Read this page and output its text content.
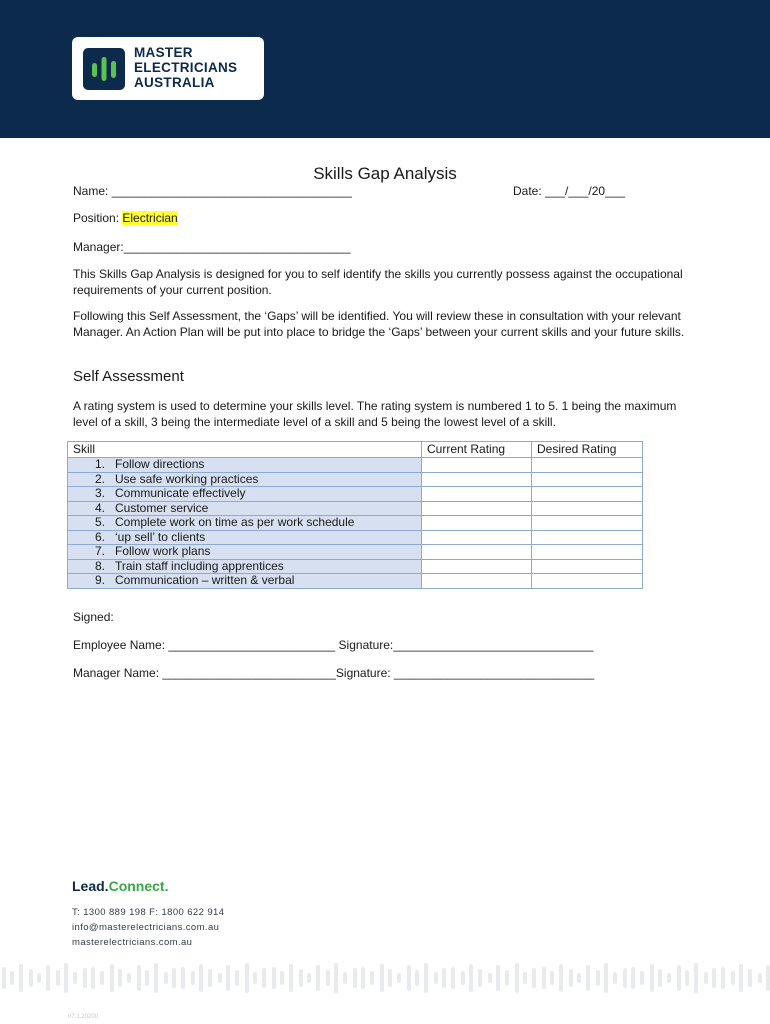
MASTER
ELECTRICIANS
AUSTRALIA
Skills Gap Analysis
Name: ____________________________________	Date: ___/___/20___
Position: Electrician
Manager:__________________________________
This Skills Gap Analysis is designed for you to self identify the skills you currently possess against the occupational requirements of your current position.
Following this Self Assessment, the ‘Gaps’ will be identified. You will review these in consultation with your relevant Manager. An Action Plan will be put into place to bridge the ‘Gaps’ between your current skills and your future skills.
Self Assessment
A rating system is used to determine your skills level. The rating system is numbered 1 to 5. 1 being the maximum level of a skill, 3 being the intermediate level of a skill and 5 being the lowest level of a skill.
Skill	Current Rating	Desired Rating
1. Follow directions		
2. Use safe working practices		
3. Communicate effectively		
4. Customer service		
5. Complete work on time as per work schedule		
6. ‘up sell’ to clients		
7. Follow work plans		
8. Train staff including apprentices		
9. Communication – written & verbal		
Signed:
Employee Name: _________________________ Signature:______________________________
Manager Name: __________________________Signature: ______________________________
Lead.Connect.
T: 1300 889 198 F: 1800 622 914
info@masterelectricians.com.au
masterelectricians.com.au
07.1.20200
